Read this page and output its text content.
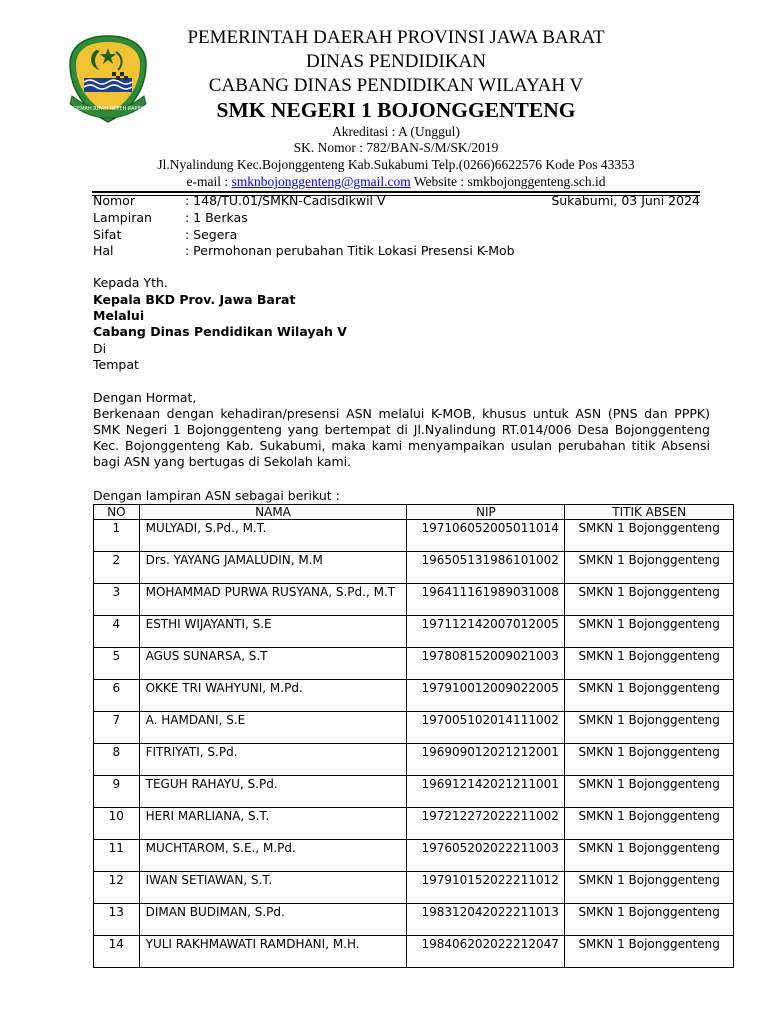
GEMAH RIPAH REPEH RAPIH
PEMERINTAH DAERAH PROVINSI JAWA BARAT
DINAS PENDIDIKAN
CABANG DINAS PENDIDIKAN WILAYAH V
SMK NEGERI 1 BOJONGGENTENG
Akreditasi : A (Unggul)
SK. Nomor : 782/BAN-S/M/SK/2019
Jl.Nyalindung Kec.Bojonggenteng Kab.Sukabumi Telp.(0266)6622576 Kode Pos 43353
e-mail : smknbojonggenteng@gmail.com Website : smkbojonggenteng.sch.id
Nomor	: 148/TU.01/SMKN-Cadisdikwil V	Sukabumi, 03 Juni 2024
Lampiran	: 1 Berkas
Sifat	: Segera
Hal	: Permohonan perubahan Titik Lokasi Presensi K-Mob
Kepada Yth.
Kepala BKD Prov. Jawa Barat
Melalui
Cabang Dinas Pendidikan Wilayah V
Di
Tempat
Dengan Hormat,
Berkenaan dengan kehadiran/presensi ASN melalui K-MOB, khusus untuk ASN (PNS dan PPPK) SMK Negeri 1 Bojonggenteng yang bertempat di Jl.Nyalindung RT.014/006 Desa Bojonggenteng Kec. Bojonggenteng Kab. Sukabumi, maka kami menyampaikan usulan perubahan titik Absensi bagi ASN yang bertugas di Sekolah kami.
Dengan lampiran ASN sebagai berikut :
NO	NAMA	NIP	TITIK ABSEN
1	MULYADI, S.Pd., M.T.	197106052005011014	SMKN 1 Bojonggenteng
2	Drs. YAYANG JAMALUDIN, M.M	196505131986101002	SMKN 1 Bojonggenteng
3	MOHAMMAD PURWA RUSYANA, S.Pd., M.T	196411161989031008	SMKN 1 Bojonggenteng
4	ESTHI WIJAYANTI, S.E	197112142007012005	SMKN 1 Bojonggenteng
5	AGUS SUNARSA, S.T	197808152009021003	SMKN 1 Bojonggenteng
6	OKKE TRI WAHYUNI, M.Pd.	197910012009022005	SMKN 1 Bojonggenteng
7	A. HAMDANI, S.E	197005102014111002	SMKN 1 Bojonggenteng
8	FITRIYATI, S.Pd.	196909012021212001	SMKN 1 Bojonggenteng
9	TEGUH RAHAYU, S.Pd.	196912142021211001	SMKN 1 Bojonggenteng
10	HERI MARLIANA, S.T.	197212272022211002	SMKN 1 Bojonggenteng
11	MUCHTAROM, S.E., M.Pd.	197605202022211003	SMKN 1 Bojonggenteng
12	IWAN SETIAWAN, S.T.	197910152022211012	SMKN 1 Bojonggenteng
13	DIMAN BUDIMAN, S.Pd.	198312042022211013	SMKN 1 Bojonggenteng
14	YULI RAKHMAWATI RAMDHANI, M.H.	198406202022212047	SMKN 1 Bojonggenteng
